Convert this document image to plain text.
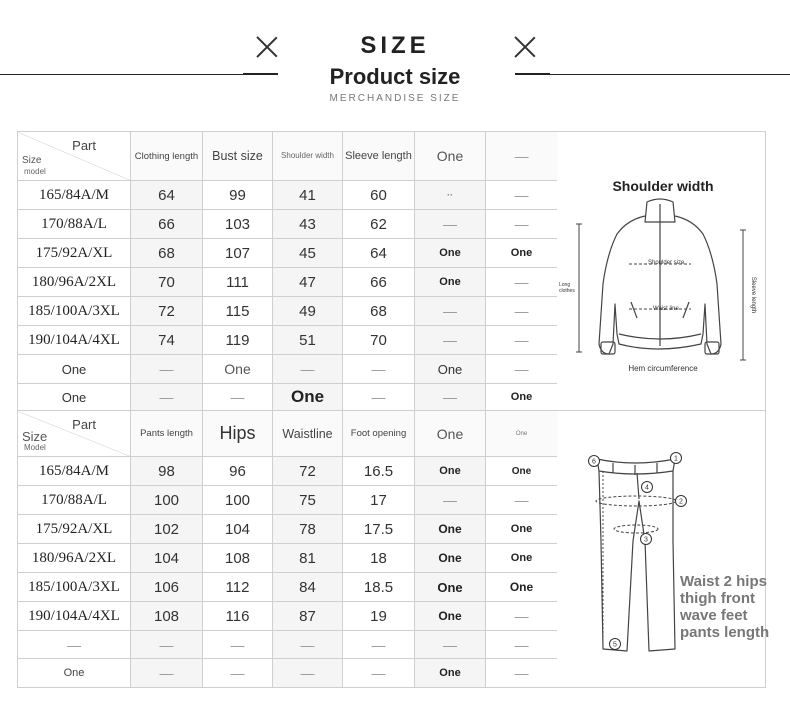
SIZE
Product size
MERCHANDISE SIZE
Part
Size
model	Clothing length	Bust size	Shoulder width	Sleeve length	One	—
165/84A/M	64	99	41	60	··	—
170/88A/L	66	103	43	62	—	—
175/92A/XL	68	107	45	64	One	One
180/96A/2XL	70	111	47	66	One	—
185/100A/3XL	72	115	49	68	—	—
190/104A/4XL	74	119	51	70	—	—
One	—	One	—	—	One	—
One	—	—	One	—	—	One
Part
Size
Model	Pants length	Hips	Waistline	Foot opening	One	One
165/84A/M	98	96	72	16.5	One	One
170/88A/L	100	100	75	17	—	—
175/92A/XL	102	104	78	17.5	One	One
180/96A/2XL	104	108	81	18	One	One
185/100A/3XL	106	112	84	18.5	One	One
190/104A/4XL	108	116	87	19	One	—
—	—	—	—	—	—	—
One	—	—	—	—	One	—
Shoulder width
Shoulder size
Waist line
Long clothes	Sleeve length
Hem circumference
6	1
2
3
4
5
Waist 2 hips thigh front wave feet pants length
